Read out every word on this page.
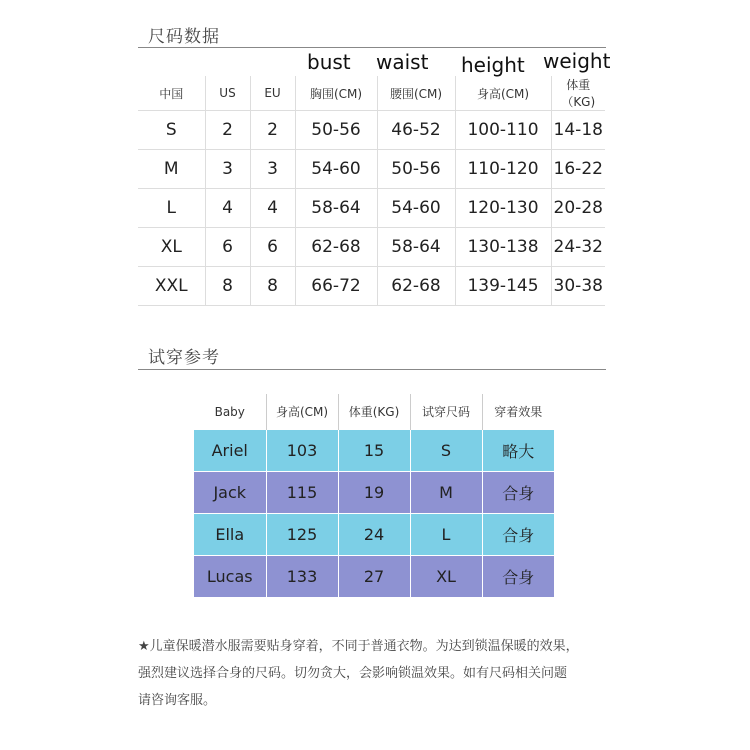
尺码数据
bust waist height weight
中国	US	EU	胸围(CM)	腰围(CM)	身高(CM)	体重（KG)
S	2	2	50-56	46-52	100-110	14-18
M	3	3	54-60	50-56	110-120	16-22
L	4	4	58-64	54-60	120-130	20-28
XL	6	6	62-68	58-64	130-138	24-32
XXL	8	8	66-72	62-68	139-145	30-38
试穿参考
Baby	身高(CM)	体重(KG)	试穿尺码	穿着效果
Ariel	103	15	S	略大
Jack	115	19	M	合身
Ella	125	24	L	合身
Lucas	133	27	XL	合身

★儿童保暖潜水服需要贴身穿着，不同于普通衣物。为达到锁温保暖的效果，

强烈建议选择合身的尺码。切勿贪大，会影响锁温效果。如有尺码相关问题

请咨询客服。
